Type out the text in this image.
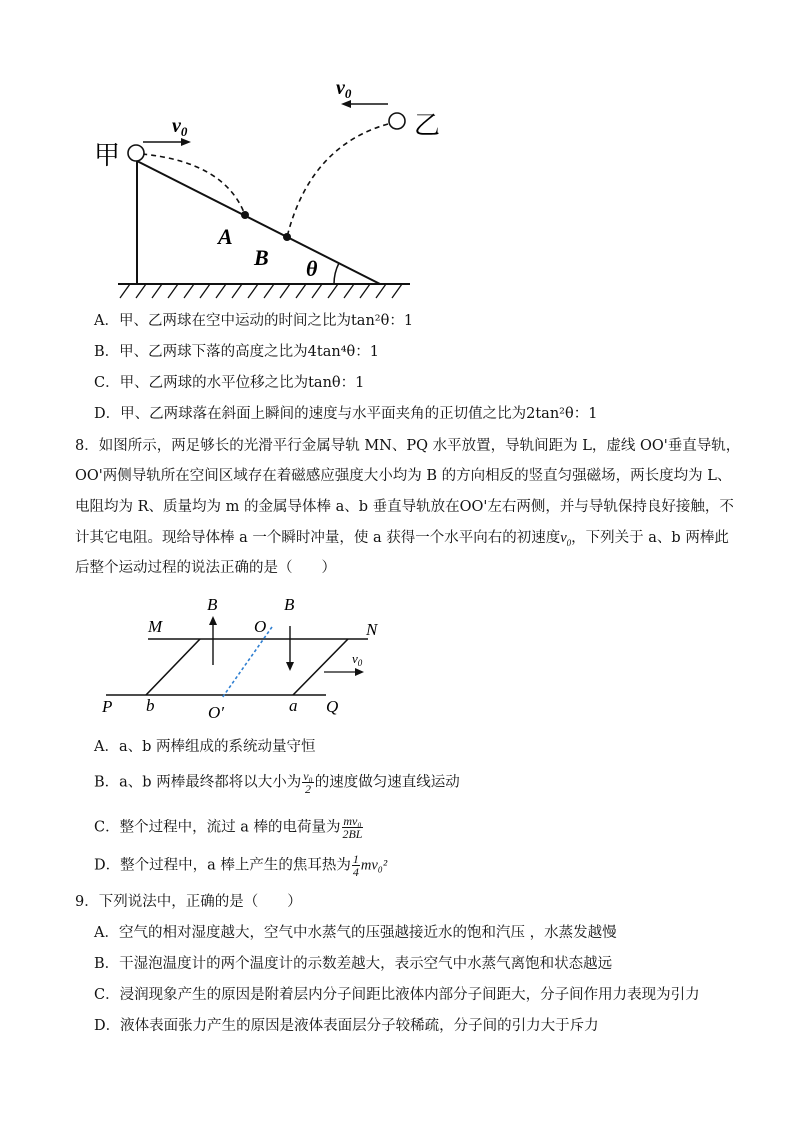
甲
乙
$v_0$
$v_0$
A
B θ
A．甲、乙两球在空中运动的时间之比为tan²θ：1
B．甲、乙两球下落的高度之比为4tan⁴θ：1
C．甲、乙两球的水平位移之比为tanθ：1
D．甲、乙两球落在斜面上瞬间的速度与水平面夹角的正切值之比为2tan²θ：1
8．如图所示，两足够长的光滑平行金属导轨 MN、PQ 水平放置，导轨间距为 L，虚线 OO'垂直导轨，
OO'两侧导轨所在空间区域存在着磁感应强度大小均为 B 的方向相反的竖直匀强磁场，两长度均为 L、
电阻均为 R、质量均为 m 的金属导体棒 a、b 垂直导轨放在OO'左右两侧，并与导轨保持良好接触，不
计其它电阻。现给导体棒 a 一个瞬时冲量，使 a 获得一个水平向右的初速度$v_0$，下列关于 a、b 两棒此
后整个运动过程的说法正确的是（　　）
M	N
P	Q
O
O′	a
b
B	B
$v_0$
A．a、b 两棒组成的系统动量守恒
B．a、b 两棒最终都将以大小为 $\frac{\text{v₀}}{2}$ 的速度做匀速直线运动
C．整个过程中，流过 a 棒的电荷量为 $\frac{\text{mv₀}}{2BL}$
D．整个过程中，a 棒上产生的焦耳热为 $\frac{1}{4} mv_0^2$
9．下列说法中，正确的是（　　）
A．空气的相对湿度越大，空气中水蒸气的压强越接近水的饱和汽压 ，水蒸发越慢
B．干湿泡温度计的两个温度计的示数差越大，表示空气中水蒸气离饱和状态越远
C．浸润现象产生的原因是附着层内分子间距比液体内部分子间距大，分子间作用力表现为引力
D．液体表面张力产生的原因是液体表面层分子较稀疏，分子间的引力大于斥力
